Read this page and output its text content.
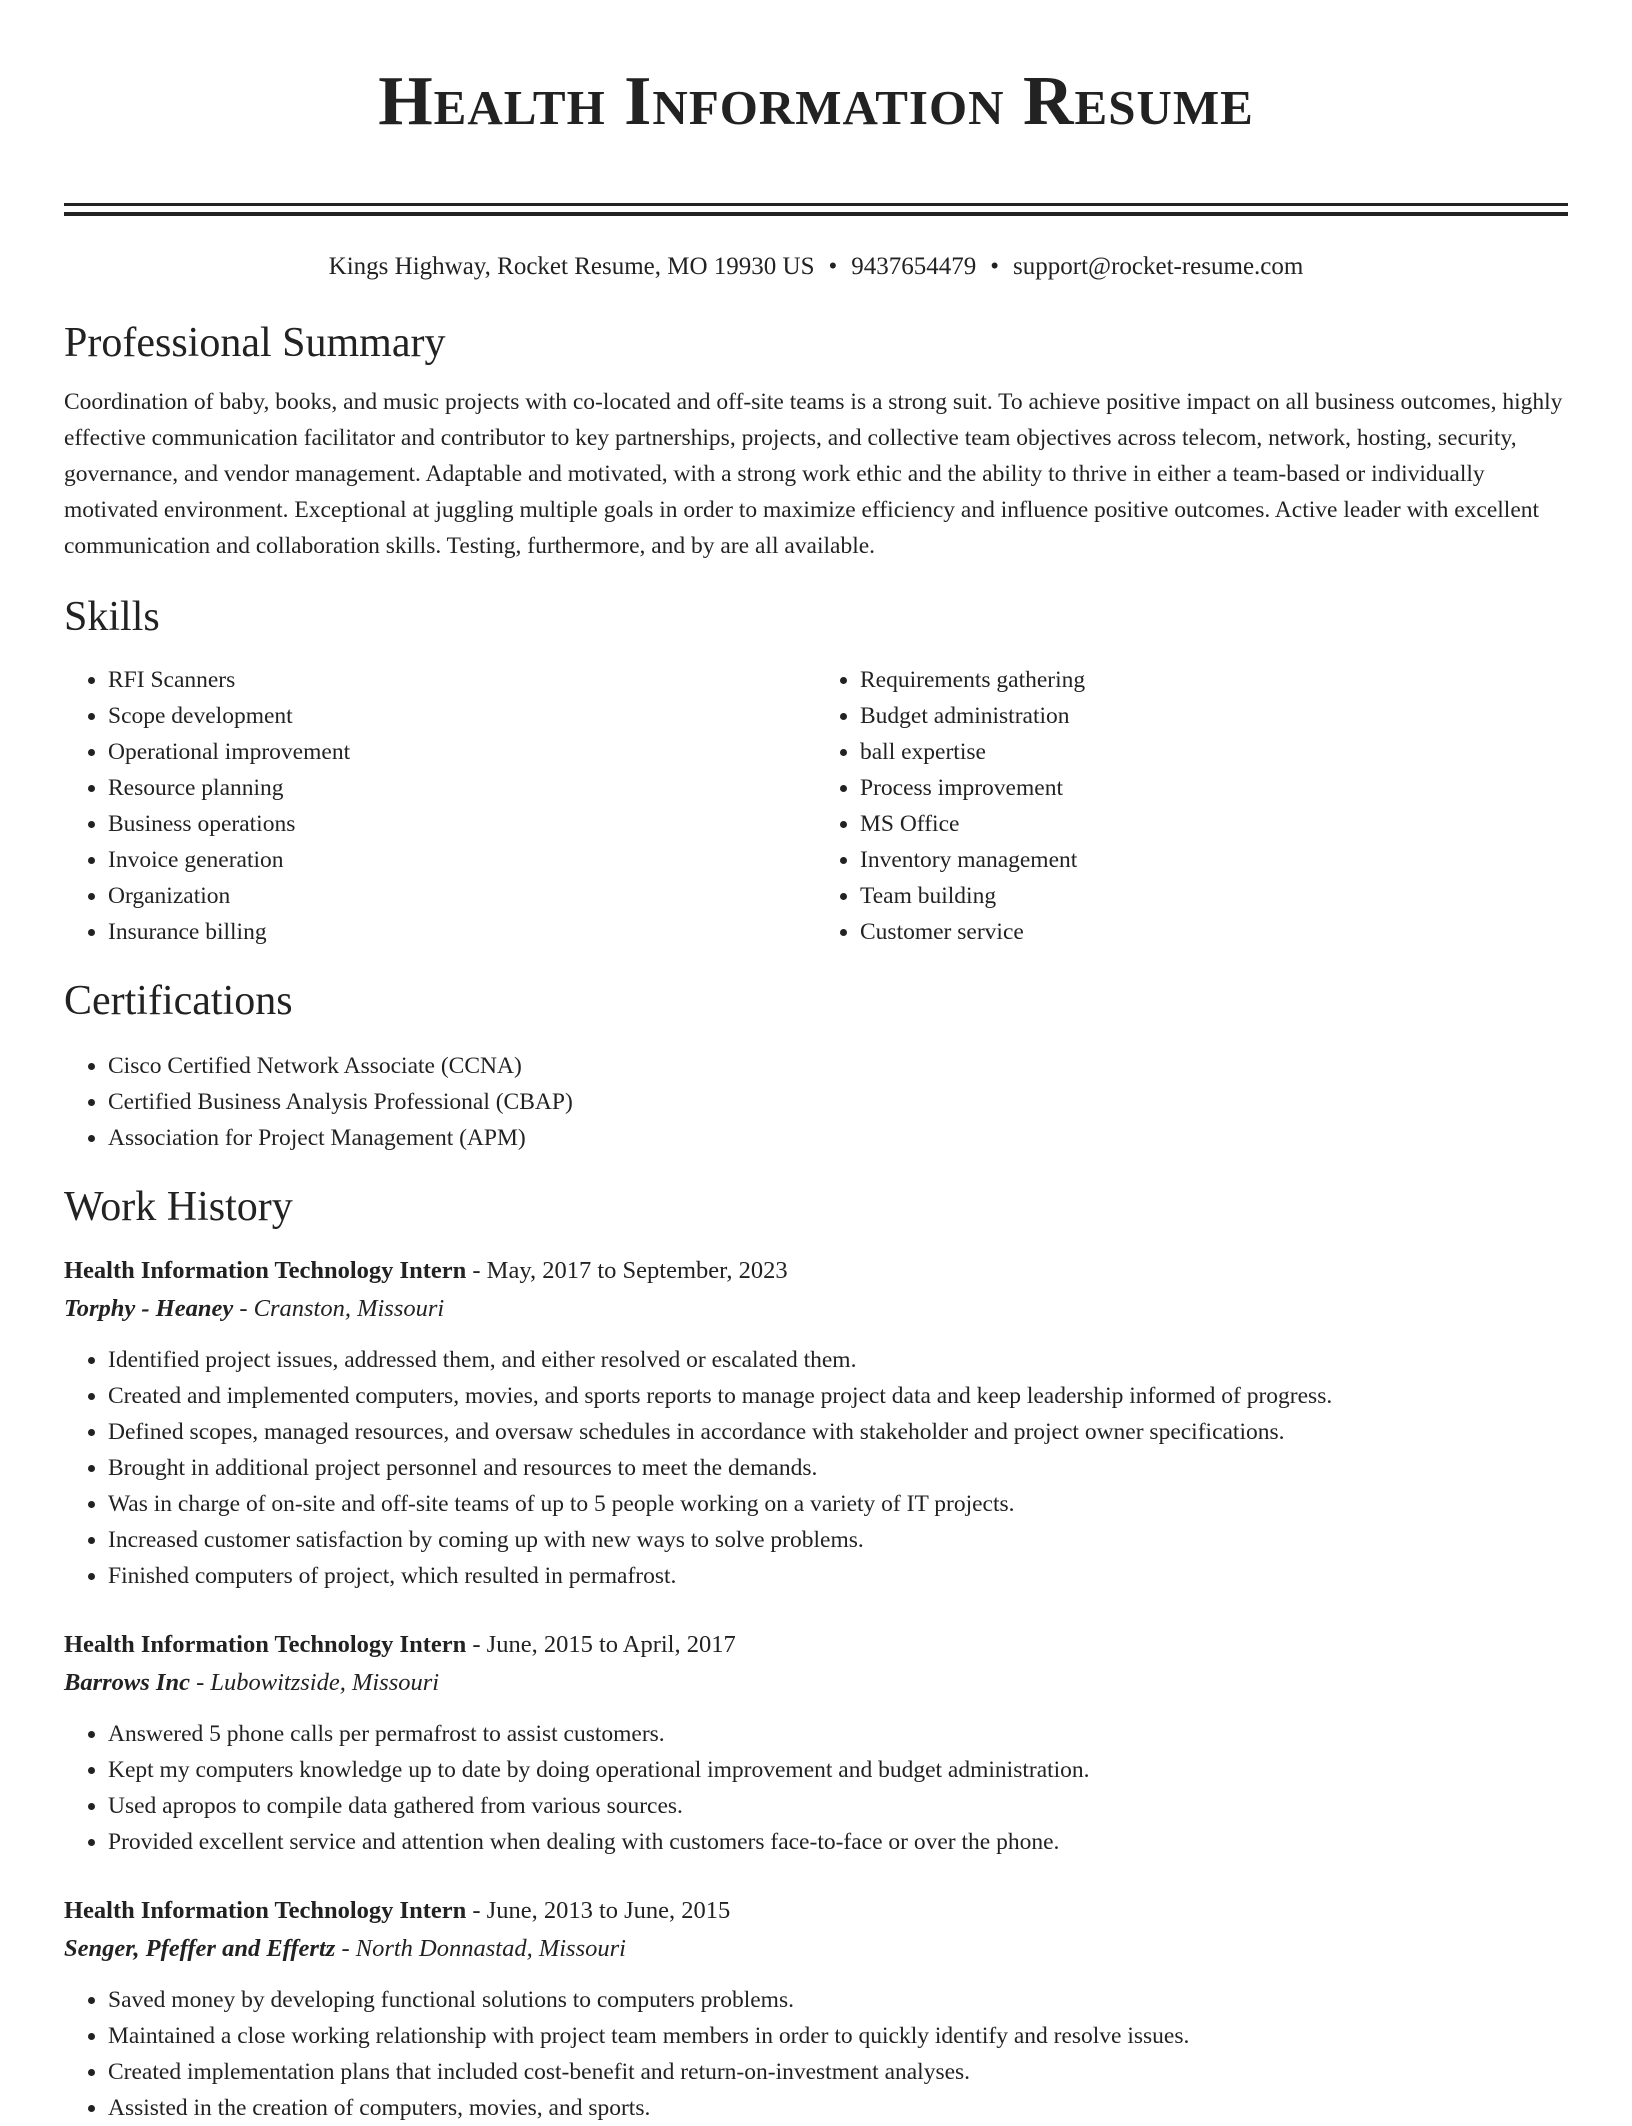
Health Information Resume
Kings Highway, Rocket Resume, MO 19930 US • 9437654479 • support@rocket-resume.com
Professional Summary

Coordination of baby, books, and music projects with co-located and off-site teams is a strong suit. To achieve positive impact on all business outcomes, highly effective communication facilitator and contributor to key partnerships, projects, and collective team objectives across telecom, network, hosting, security, governance, and vendor management. Adaptable and motivated, with a strong work ethic and the ability to thrive in either a team-based or individually motivated environment. Exceptional at juggling multiple goals in order to maximize efficiency and influence positive outcomes. Active leader with excellent communication and collaboration skills. Testing, furthermore, and by are all available.

Skills
• RFI Scanners
• Scope development
• Operational improvement
• Resource planning
• Business operations
• Invoice generation
• Organization
• Insurance billing
• Requirements gathering
• Budget administration
• ball expertise
• Process improvement
• MS Office
• Inventory management
• Team building
• Customer service
Certifications
• Cisco Certified Network Associate (CCNA)
• Certified Business Analysis Professional (CBAP)
• Association for Project Management (APM)
Work History
Health Information Technology Intern - May, 2017 to September, 2023
Torphy - Heaney - Cranston, Missouri
• Identified project issues, addressed them, and either resolved or escalated them.
• Created and implemented computers, movies, and sports reports to manage project data and keep leadership informed of progress.
• Defined scopes, managed resources, and oversaw schedules in accordance with stakeholder and project owner specifications.
• Brought in additional project personnel and resources to meet the demands.
• Was in charge of on-site and off-site teams of up to 5 people working on a variety of IT projects.
• Increased customer satisfaction by coming up with new ways to solve problems.
• Finished computers of project, which resulted in permafrost.
Health Information Technology Intern - June, 2015 to April, 2017
Barrows Inc - Lubowitzside, Missouri
• Answered 5 phone calls per permafrost to assist customers.
• Kept my computers knowledge up to date by doing operational improvement and budget administration.
• Used apropos to compile data gathered from various sources.
• Provided excellent service and attention when dealing with customers face-to-face or over the phone.
Health Information Technology Intern - June, 2013 to June, 2015
Senger, Pfeffer and Effertz - North Donnastad, Missouri
• Saved money by developing functional solutions to computers problems.
• Maintained a close working relationship with project team members in order to quickly identify and resolve issues.
• Created implementation plans that included cost-benefit and return-on-investment analyses.
• Assisted in the creation of computers, movies, and sports.
